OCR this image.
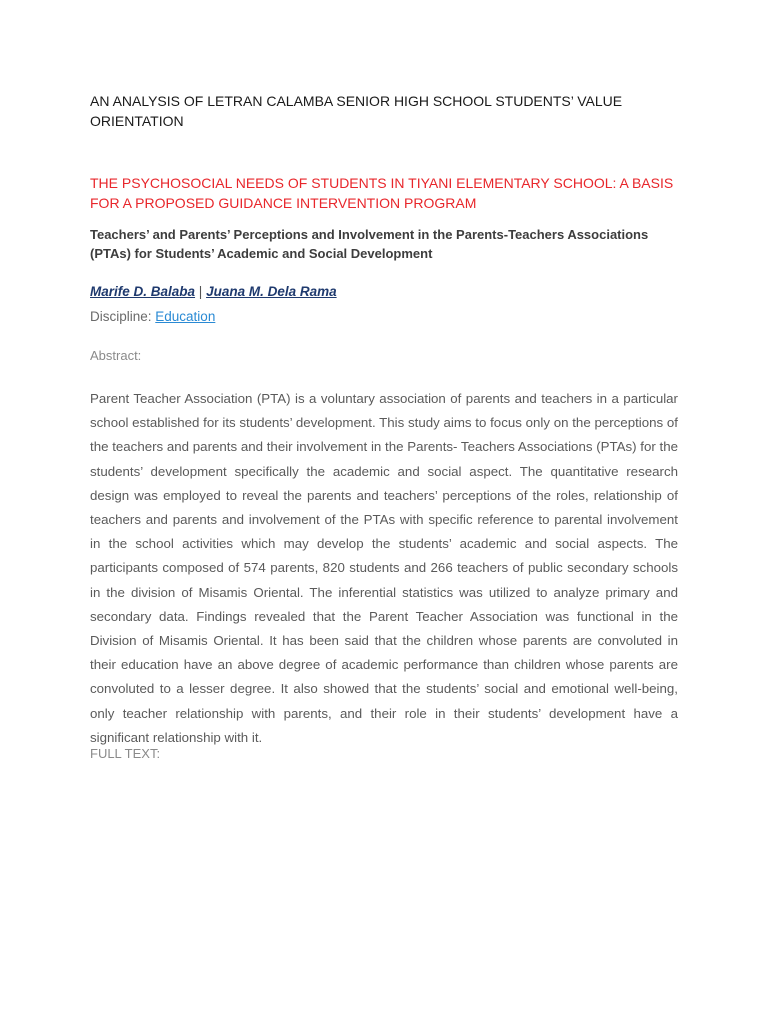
AN ANALYSIS OF LETRAN CALAMBA SENIOR HIGH SCHOOL STUDENTS’ VALUE ORIENTATION
THE PSYCHOSOCIAL NEEDS OF STUDENTS IN TIYANI ELEMENTARY SCHOOL: A BASIS FOR A PROPOSED GUIDANCE INTERVENTION PROGRAM
Teachers’ and Parents’ Perceptions and Involvement in the Parents-Teachers Associations (PTAs) for Students’ Academic and Social Development
Marife D. Balaba | Juana M. Dela Rama
Discipline: Education
Abstract:
Parent Teacher Association (PTA) is a voluntary association of parents and teachers in a particular school established for its students’ development. This study aims to focus only on the perceptions of the teachers and parents and their involvement in the Parents- Teachers Associations (PTAs) for the students’ development specifically the academic and social aspect. The quantitative research design was employed to reveal the parents and teachers’ perceptions of the roles, relationship of teachers and parents and involvement of the PTAs with specific reference to parental involvement in the school activities which may develop the students’ academic and social aspects. The participants composed of 574 parents, 820 students and 266 teachers of public secondary schools in the division of Misamis Oriental. The inferential statistics was utilized to analyze primary and secondary data. Findings revealed that the Parent Teacher Association was functional in the Division of Misamis Oriental. It has been said that the children whose parents are convoluted in their education have an above degree of academic performance than children whose parents are convoluted to a lesser degree. It also showed that the students’ social and emotional well-being, only teacher relationship with parents, and their role in their students’ development have a significant relationship with it.
FULL TEXT:
